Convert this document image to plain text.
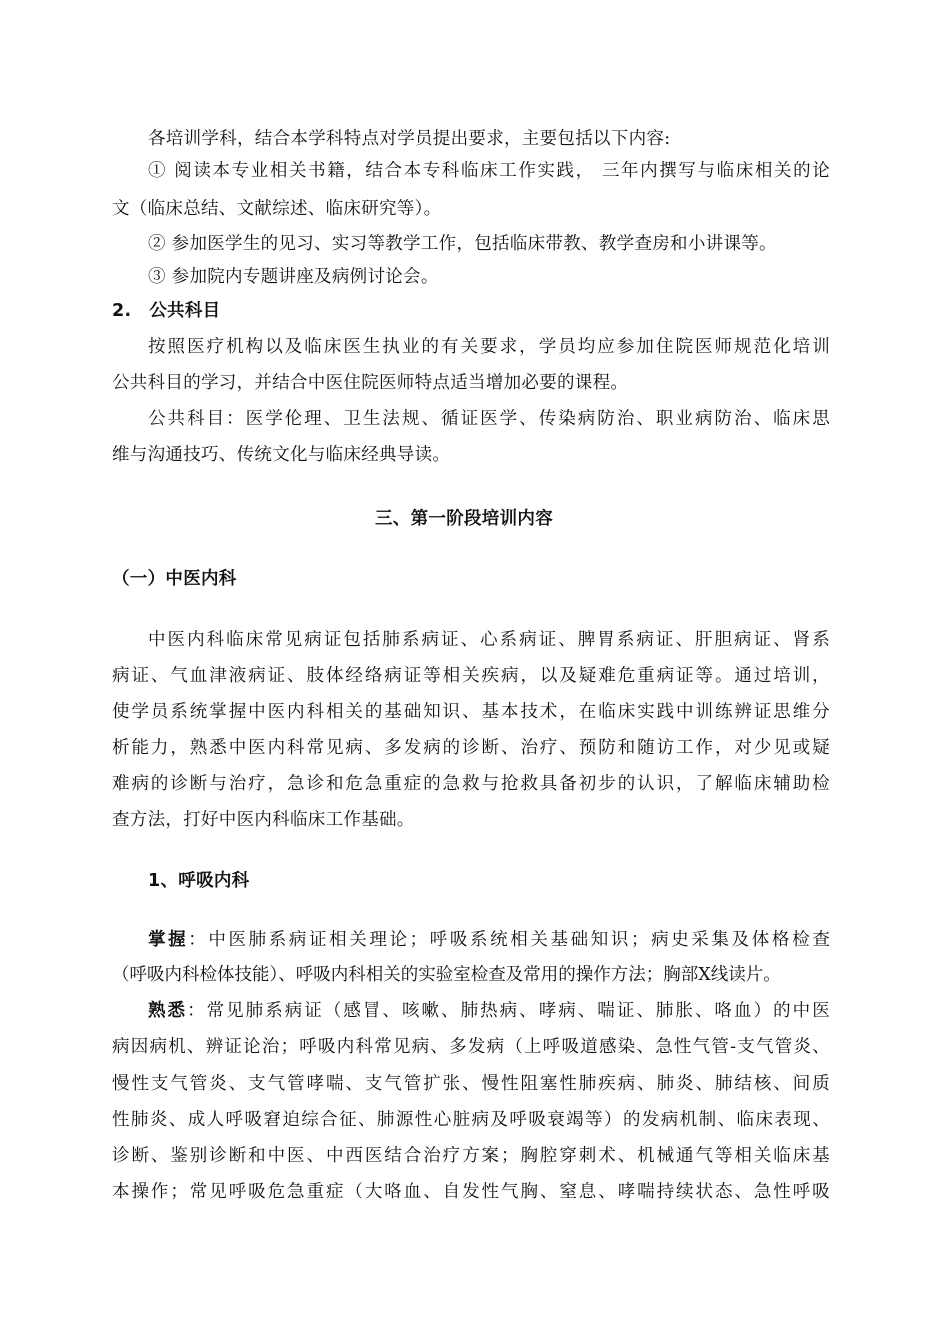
各培训学科，结合本学科特点对学员提出要求，主要包括以下内容:
① 阅读本专业相关书籍，结合本专科临床工作实践， 三年内撰写与临床相关的论
文（临床总结、文献综述、临床研究等）。
② 参加医学生的见习、实习等教学工作，包括临床带教、教学查房和小讲课等。
③ 参加院内专题讲座及病例讨论会。
2.　公共科目
按照医疗机构以及临床医生执业的有关要求，学员均应参加住院医师规范化培训
公共科目的学习，并结合中医住院医师特点适当增加必要的课程。
公共科目：医学伦理、卫生法规、循证医学、传染病防治、职业病防治、临床思
维与沟通技巧、传统文化与临床经典导读。
三、第一阶段培训内容
（一）中医内科
中医内科临床常见病证包括肺系病证、心系病证、脾胃系病证、肝胆病证、肾系
病证、气血津液病证、肢体经络病证等相关疾病，以及疑难危重病证等。通过培训，
使学员系统掌握中医内科相关的基础知识、基本技术，在临床实践中训练辨证思维分
析能力，熟悉中医内科常见病、多发病的诊断、治疗、预防和随访工作，对少见或疑
难病的诊断与治疗，急诊和危急重症的急救与抢救具备初步的认识，了解临床辅助检
查方法，打好中医内科临床工作基础。
1、呼吸内科
掌握：中医肺系病证相关理论；呼吸系统相关基础知识；病史采集及体格检查
（呼吸内科检体技能）、呼吸内科相关的实验室检查及常用的操作方法；胸部X线读片。
熟悉：常见肺系病证（感冒、咳嗽、肺热病、哮病、喘证、肺胀、咯血）的中医
病因病机、辨证论治；呼吸内科常见病、多发病（上呼吸道感染、急性气管-支气管炎、
慢性支气管炎、支气管哮喘、支气管扩张、慢性阻塞性肺疾病、肺炎、肺结核、间质
性肺炎、成人呼吸窘迫综合征、肺源性心脏病及呼吸衰竭等）的发病机制、临床表现、
诊断、鉴别诊断和中医、中西医结合治疗方案；胸腔穿刺术、机械通气等相关临床基
本操作；常见呼吸危急重症（大咯血、自发性气胸、窒息、哮喘持续状态、急性呼吸
